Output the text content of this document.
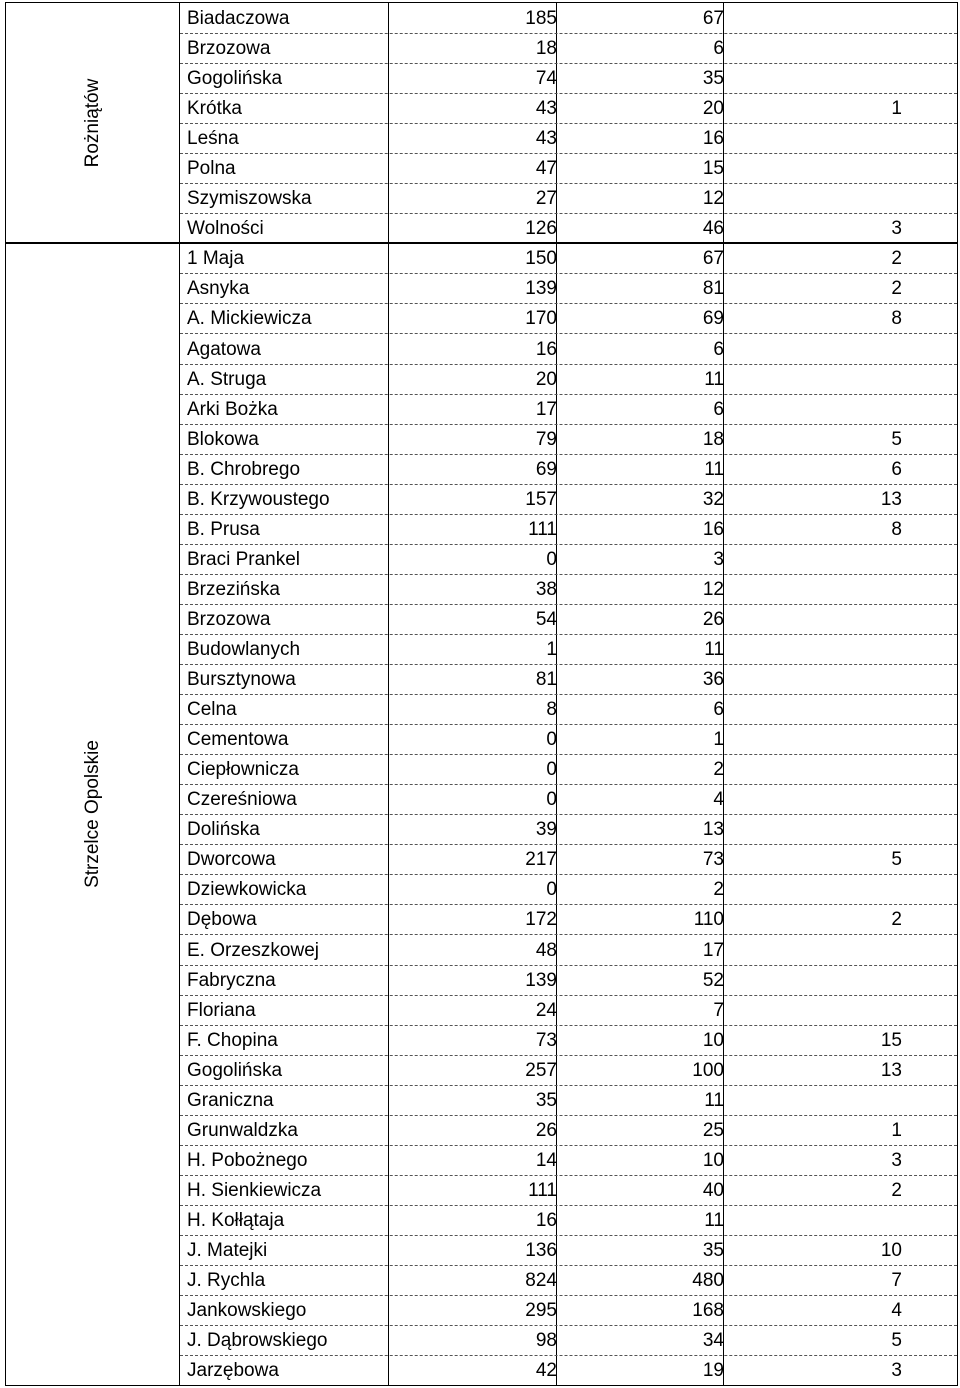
Rożniątów
Biadaczowa	185	67
Brzozowa	18	6
Gogolińska	74	35
Krótka	43	20	1
Leśna	43	16
Polna	47	15
Szymiszowska	27	12
Wolności	126	46	3
Strzelce Opolskie
1 Maja	150	67	2
Asnyka	139	81	2
A. Mickiewicza	170	69	8
Agatowa	16	6
A. Struga	20	11
Arki Bożka	17	6
Blokowa	79	18	5
B. Chrobrego	69	11	6
B. Krzywoustego	157	32	13
B. Prusa	111	16	8
Braci Prankel	0	3
Brzezińska	38	12
Brzozowa	54	26
Budowlanych	1	11
Bursztynowa	81	36
Celna	8	6
Cementowa	0	1
Ciepłownicza	0	2
Czereśniowa	0	4
Dolińska	39	13
Dworcowa	217	73	5
Dziewkowicka	0	2
Dębowa	172	110	2
E. Orzeszkowej	48	17
Fabryczna	139	52
Floriana	24	7
F. Chopina	73	10	15
Gogolińska	257	100	13
Graniczna	35	11
Grunwaldzka	26	25	1
H. Pobożnego	14	10	3
H. Sienkiewicza	111	40	2
H. Kołłątaja	16	11
J. Matejki	136	35	10
J. Rychla	824	480	7
Jankowskiego	295	168	4
J. Dąbrowskiego	98	34	5
Jarzębowa	42	19	3
